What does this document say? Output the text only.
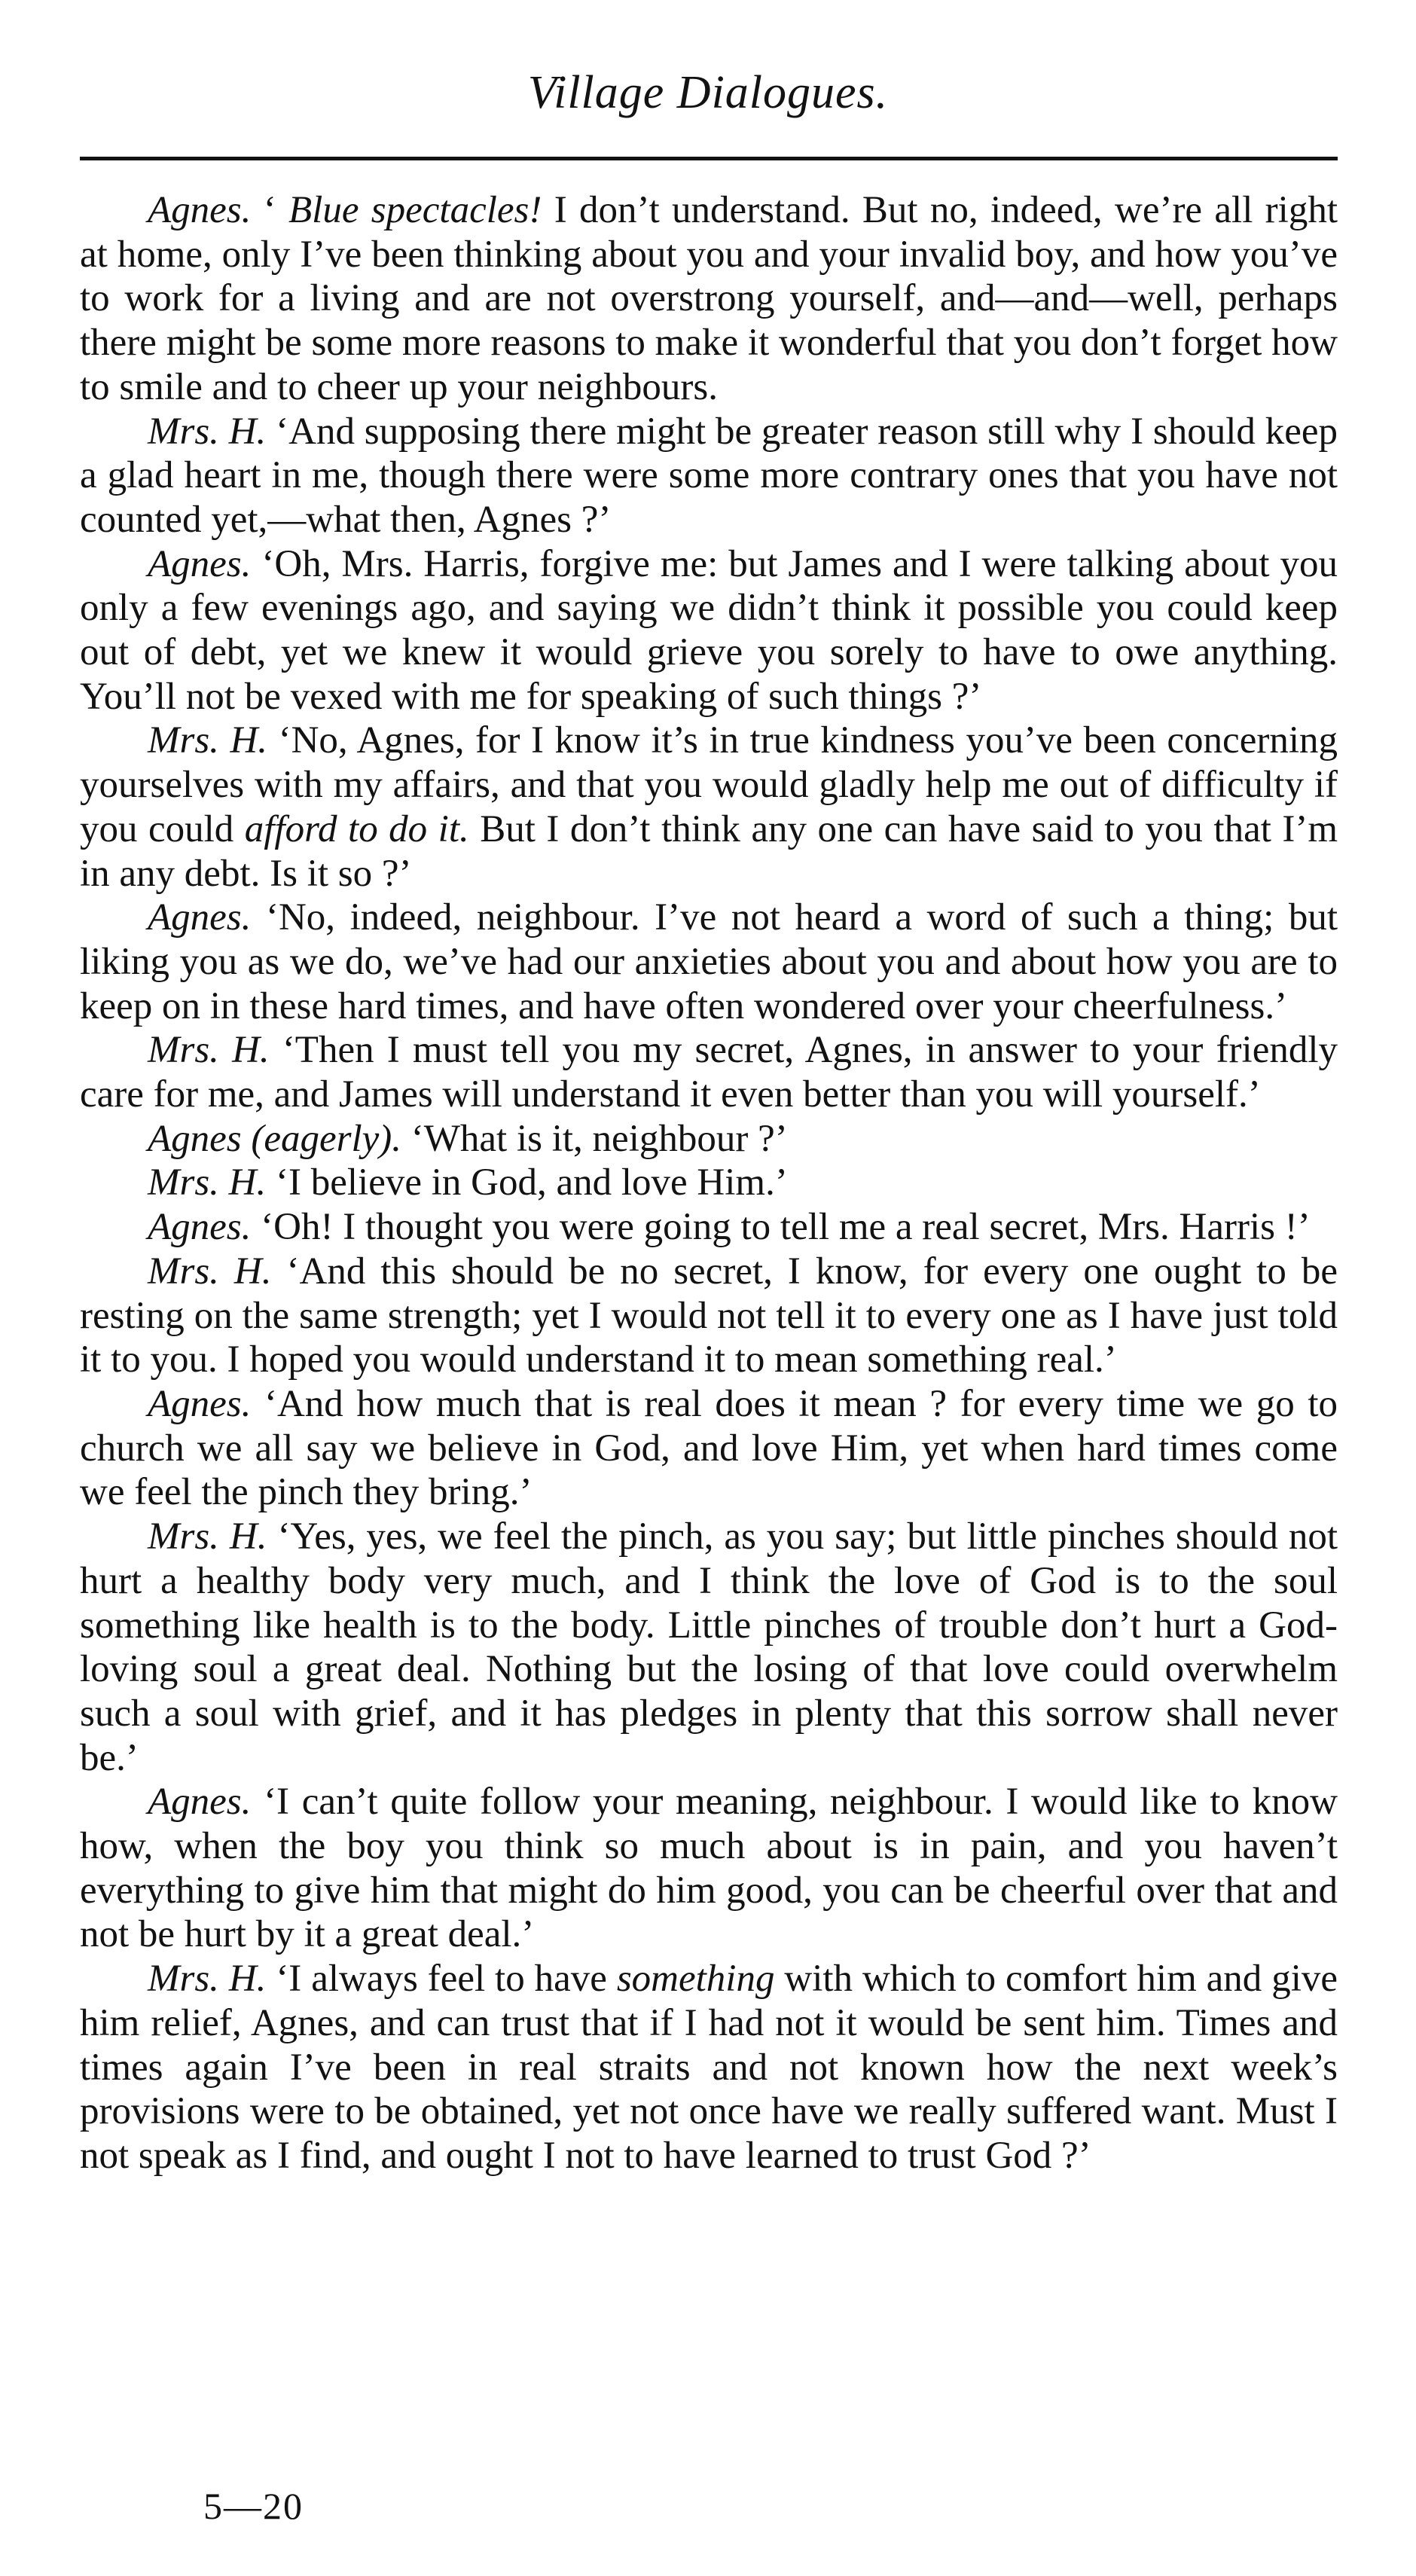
Village Dialogues.

Agnes. ‘ Blue spectacles! I don’t understand. But no, indeed, we’re all right at home, only I’ve been thinking about you and your invalid boy, and how you’ve to work for a living and are not overstrong yourself, and—and—well, perhaps there might be some more reasons to make it wonderful that you don’t forget how to smile and to cheer up your neighbours.

Mrs. H. ‘And supposing there might be greater reason still why I should keep a glad heart in me, though there were some more contrary ones that you have not counted yet,—what then, Agnes ?’

Agnes. ‘Oh, Mrs. Harris, forgive me: but James and I were talking about you only a few evenings ago, and saying we didn’t think it possible you could keep out of debt, yet we knew it would grieve you sorely to have to owe anything. You’ll not be vexed with me for speaking of such things ?’

Mrs. H. ‘No, Agnes, for I know it’s in true kindness you’ve been concerning yourselves with my affairs, and that you would gladly help me out of difficulty if you could afford to do it. But I don’t think any one can have said to you that I’m in any debt. Is it so ?’

Agnes. ‘No, indeed, neighbour. I’ve not heard a word of such a thing; but liking you as we do, we’ve had our anxieties about you and about how you are to keep on in these hard times, and have often wondered over your cheerfulness.’

Mrs. H. ‘Then I must tell you my secret, Agnes, in answer to your friendly care for me, and James will understand it even better than you will yourself.’

Agnes (eagerly). ‘What is it, neighbour ?’

Mrs. H. ‘I believe in God, and love Him.’

Agnes. ‘Oh! I thought you were going to tell me a real secret, Mrs. Harris !’

Mrs. H. ‘And this should be no secret, I know, for every one ought to be resting on the same strength; yet I would not tell it to every one as I have just told it to you. I hoped you would understand it to mean something real.’

Agnes. ‘And how much that is real does it mean ? for every time we go to church we all say we believe in God, and love Him, yet when hard times come we feel the pinch they bring.’

Mrs. H. ‘Yes, yes, we feel the pinch, as you say; but little pinches should not hurt a healthy body very much, and I think the love of God is to the soul something like health is to the body. Little pinches of trouble don’t hurt a God-loving soul a great deal. Nothing but the losing of that love could overwhelm such a soul with grief, and it has pledges in plenty that this sorrow shall never be.’

Agnes. ‘I can’t quite follow your meaning, neighbour. I would like to know how, when the boy you think so much about is in pain, and you haven’t everything to give him that might do him good, you can be cheerful over that and not be hurt by it a great deal.’

Mrs. H. ‘I always feel to have something with which to comfort him and give him relief, Agnes, and can trust that if I had not it would be sent him. Times and times again I’ve been in real straits and not known how the next week’s provisions were to be obtained, yet not once have we really suffered want. Must I not speak as I find, and ought I not to have learned to trust God ?’

5—20
